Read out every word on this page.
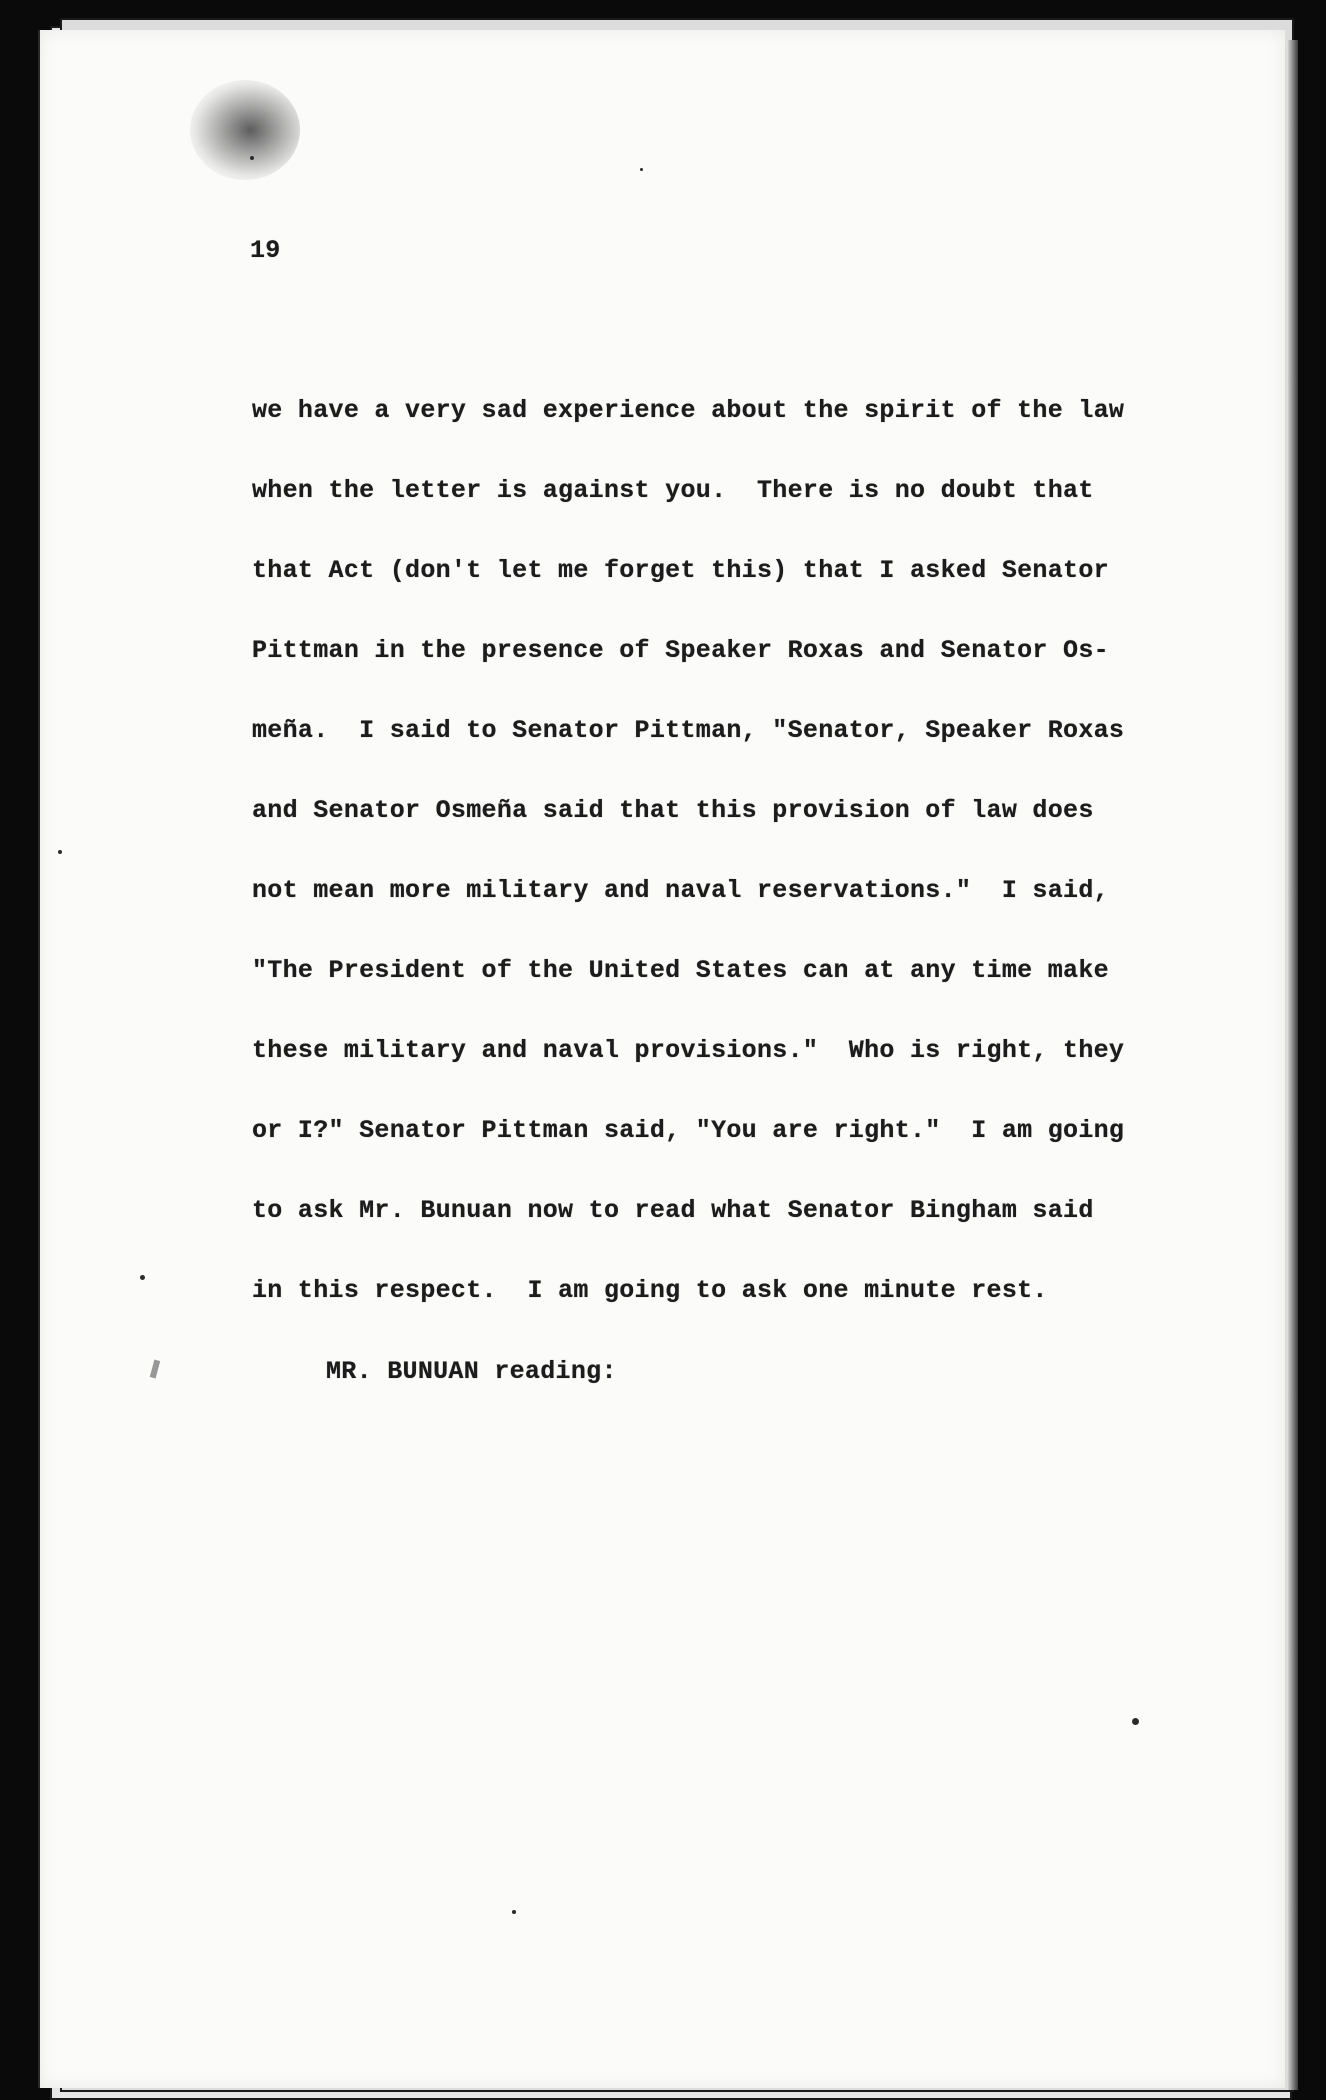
19

we have a very sad experience about the spirit of the law
when the letter is against you.  There is no doubt that
that Act (don't let me forget this) that I asked Senator
Pittman in the presence of Speaker Roxas and Senator Os-
meña.  I said to Senator Pittman, "Senator, Speaker Roxas
and Senator Osmeña said that this provision of law does
not mean more military and naval reservations."  I said,
"The President of the United States can at any time make
these military and naval provisions."  Who is right, they
or I?" Senator Pittman said, "You are right."  I am going
to ask Mr. Bunuan now to read what Senator Bingham said
in this respect.  I am going to ask one minute rest.

MR. BUNUAN reading:
